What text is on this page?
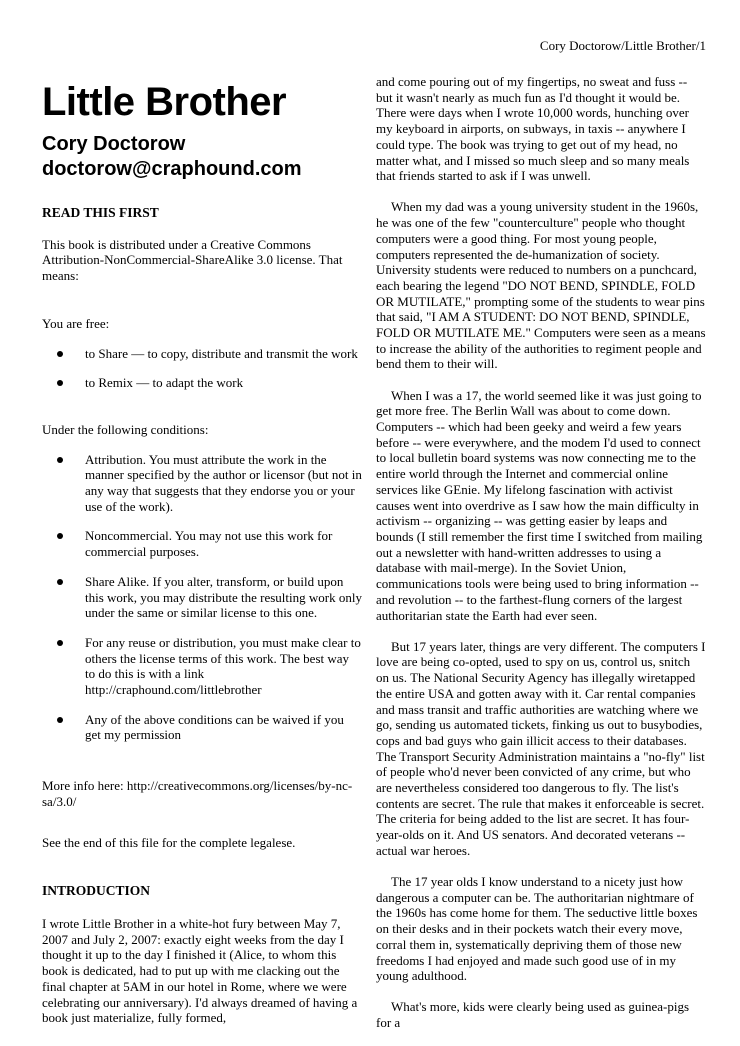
Cory Doctorow/Little Brother/1
Little Brother
Cory Doctorow
doctorow@craphound.com
READ THIS FIRST

This book is distributed under a Creative Commons Attribution-NonCommercial-ShareAlike 3.0 license. That means:

You are free:
to Share — to copy, distribute and transmit the work
to Remix — to adapt the work
Under the following conditions:
Attribution. You must attribute the work in the manner specified by the author or licensor (but not in any way that suggests that they endorse you or your use of the work).
Noncommercial. You may not use this work for commercial purposes.
Share Alike. If you alter, transform, or build upon this work, you may distribute the resulting work only under the same or similar license to this one.
For any reuse or distribution, you must make clear to others the license terms of this work. The best way to do this is with a link http://craphound.com/littlebrother
Any of the above conditions can be waived if you get my permission
More info here: http://creativecommons.org/licenses/by-nc-sa/3.0/
See the end of this file for the complete legalese.
INTRODUCTION

I wrote Little Brother in a white-hot fury between May 7, 2007 and July 2, 2007: exactly eight weeks from the day I thought it up to the day I finished it (Alice, to whom this book is dedicated, had to put up with me clacking out the final chapter at 5AM in our hotel in Rome, where we were celebrating our anniversary). I'd always dreamed of having a book just materialize, fully formed,

and come pouring out of my fingertips, no sweat and fuss -- but it wasn't nearly as much fun as I'd thought it would be. There were days when I wrote 10,000 words, hunching over my keyboard in airports, on subways, in taxis -- anywhere I could type. The book was trying to get out of my head, no matter what, and I missed so much sleep and so many meals that friends started to ask if I was unwell.

When my dad was a young university student in the 1960s, he was one of the few "counterculture" people who thought computers were a good thing. For most young people, computers represented the de-humanization of society. University students were reduced to numbers on a punchcard, each bearing the legend "DO NOT BEND, SPINDLE, FOLD OR MUTILATE," prompting some of the students to wear pins that said, "I AM A STUDENT: DO NOT BEND, SPINDLE, FOLD OR MUTILATE ME." Computers were seen as a means to increase the ability of the authorities to regiment people and bend them to their will.

When I was a 17, the world seemed like it was just going to get more free. The Berlin Wall was about to come down. Computers -- which had been geeky and weird a few years before -- were everywhere, and the modem I'd used to connect to local bulletin board systems was now connecting me to the entire world through the Internet and commercial online services like GEnie. My lifelong fascination with activist causes went into overdrive as I saw how the main difficulty in activism -- organizing -- was getting easier by leaps and bounds (I still remember the first time I switched from mailing out a newsletter with hand-written addresses to using a database with mail-merge). In the Soviet Union, communications tools were being used to bring information -- and revolution -- to the farthest-flung corners of the largest authoritarian state the Earth had ever seen.

But 17 years later, things are very different. The computers I love are being co-opted, used to spy on us, control us, snitch on us. The National Security Agency has illegally wiretapped the entire USA and gotten away with it. Car rental companies and mass transit and traffic authorities are watching where we go, sending us automated tickets, finking us out to busybodies, cops and bad guys who gain illicit access to their databases. The Transport Security Administration maintains a "no-fly" list of people who'd never been convicted of any crime, but who are nevertheless considered too dangerous to fly. The list's contents are secret. The rule that makes it enforceable is secret. The criteria for being added to the list are secret. It has four-year-olds on it. And US senators. And decorated veterans -- actual war heroes.

The 17 year olds I know understand to a nicety just how dangerous a computer can be. The authoritarian nightmare of the 1960s has come home for them. The seductive little boxes on their desks and in their pockets watch their every move, corral them in, systematically depriving them of those new freedoms I had enjoyed and made such good use of in my young adulthood.

What's more, kids were clearly being used as guinea-pigs for a
